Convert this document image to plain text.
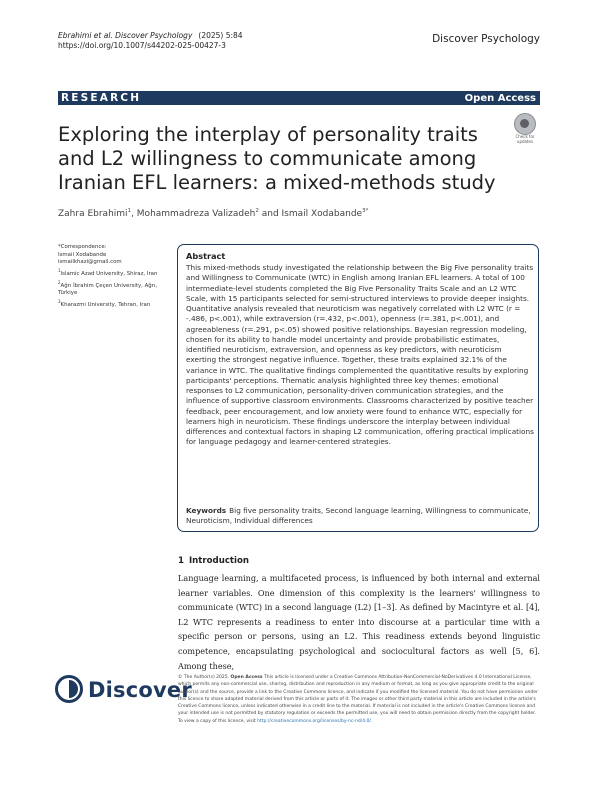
Ebrahimi et al. Discover Psychology (2025) 5:84
https://doi.org/10.1007/s44202-025-00427-3
Discover Psychology
RESEARCH	Open Access
Exploring the interplay of personality traits and L2 willingness to communicate among Iranian EFL learners: a mixed-methods study
Check for updates
Zahra Ebrahimi$^1$, Mohammadreza Valizadeh$^2$ and Ismail Xodabande$^{3*}$
*Correspondence:
Ismail Xodabande
ismailkhazi@gmail.com
$^1$Islamic Azad University, Shiraz, Iran
$^2$Ağrı İbrahim Çeçen University, Ağrı, Türkiye
$^3$Kharazmi University, Tehran, Iran
Abstract
This mixed-methods study investigated the relationship between the Big Five personality traits and Willingness to Communicate (WTC) in English among Iranian EFL learners. A total of 100 intermediate-level students completed the Big Five Personality Traits Scale and an L2 WTC Scale, with 15 participants selected for semi-structured interviews to provide deeper insights. Quantitative analysis revealed that neuroticism was negatively correlated with L2 WTC (r = -.486, p<.001), while extraversion (r=.432, p<.001), openness (r=.381, p<.001), and agreeableness (r=.291, p<.05) showed positive relationships. Bayesian regression modeling, chosen for its ability to handle model uncertainty and provide probabilistic estimates, identified neuroticism, extraversion, and openness as key predictors, with neuroticism exerting the strongest negative influence. Together, these traits explained 32.1% of the variance in WTC. The qualitative findings complemented the quantitative results by exploring participants' perceptions. Thematic analysis highlighted three key themes: emotional responses to L2 communication, personality-driven communication strategies, and the influence of supportive classroom environments. Classrooms characterized by positive teacher feedback, peer encouragement, and low anxiety were found to enhance WTC, especially for learners high in neuroticism. These findings underscore the interplay between individual differences and contextual factors in shaping L2 communication, offering practical implications for language pedagogy and learner-centered strategies.
Keywords Big five personality traits, Second language learning, Willingness to communicate, Neuroticism, Individual differences
1 Introduction
Language learning, a multifaceted process, is influenced by both internal and external learner variables. One dimension of this complexity is the learners' willingness to communicate (WTC) in a second language (L2) [1–3]. As defined by Macintyre et al. [4], L2 WTC represents a readiness to enter into discourse at a particular time with a specific person or persons, using an L2. This readiness extends beyond linguistic competence, encapsulating psychological and sociocultural factors as well [5, 6]. Among these,
Discover
© The Author(s) 2025. Open Access This article is licensed under a Creative Commons Attribution-NonCommercial-NoDerivatives 4.0 International License, which permits any non-commercial use, sharing, distribution and reproduction in any medium or format, as long as you give appropriate credit to the original author(s) and the source, provide a link to the Creative Commons licence, and indicate if you modified the licensed material. You do not have permission under this licence to share adapted material derived from this article or parts of it. The images or other third party material in this article are included in the article's Creative Commons licence, unless indicated otherwise in a credit line to the material. If material is not included in the article's Creative Commons licence and your intended use is not permitted by statutory regulation or exceeds the permitted use, you will need to obtain permission directly from the copyright holder. To view a copy of this licence, visit http://creativecommons.org/licenses/by-nc-nd/4.0/.
